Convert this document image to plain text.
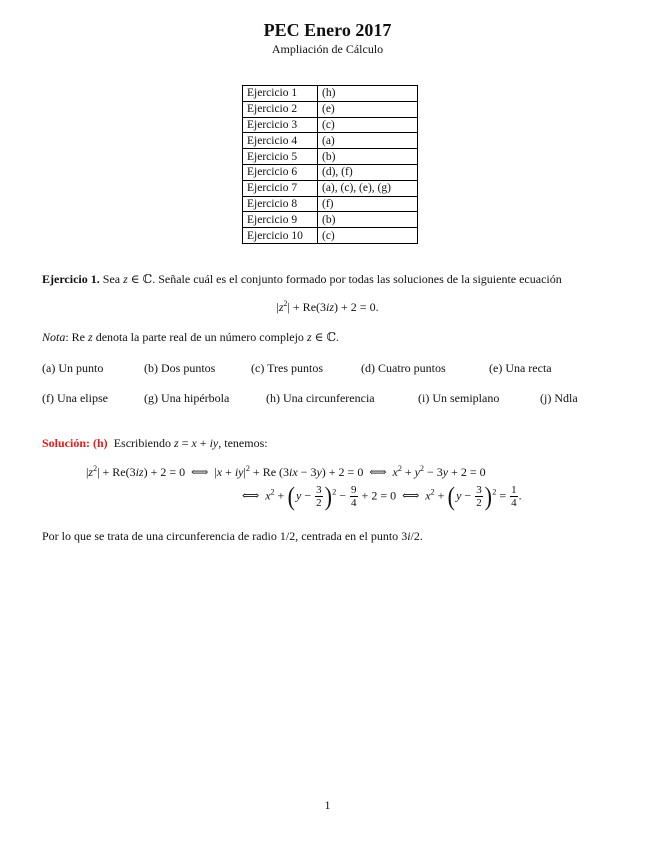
PEC Enero 2017
Ampliación de Cálculo
Ejercicio 1	(h)
Ejercicio 2	(e)
Ejercicio 3	(c)
Ejercicio 4	(a)
Ejercicio 5	(b)
Ejercicio 6	(d), (f)
Ejercicio 7	(a), (c), (e), (g)
Ejercicio 8	(f)
Ejercicio 9	(b)
Ejercicio 10	(c)
Ejercicio 1. Sea z ∈ ℂ. Señale cuál es el conjunto formado por todas las soluciones de la siguiente ecuación
$|z^2| + Re(3iz) + 2 = 0$.
Nota: Re z denota la parte real de un número complejo z ∈ ℂ.
(a) Un punto	(b) Dos puntos	(c) Tres puntos	(d) Cuatro puntos	(e) Una recta
(f) Una elipse	(g) Una hipérbola	(h) Una circunferencia	(i) Un semiplano	(j) Ndla
Solución: (h) Escribiendo z = x + iy, tenemos:
$|z^2| + Re(3iz) + 2 = 0$  ⟺  $|x + iy|^2 + Re$ (3ix − 3y) + 2 = 0  ⟺  $x^2 + y^2 - 3y + 2 = 0$
⟺  $x^2 + (y - \frac{3}{2} )^2 - \frac{9}{4} + 2 = 0$  ⟺  $x^2 + (y - \frac{3}{2} )^2 = \frac{1}{4}$ .
Por lo que se trata de una circunferencia de radio 1/2, centrada en el punto 3i/2.
1
